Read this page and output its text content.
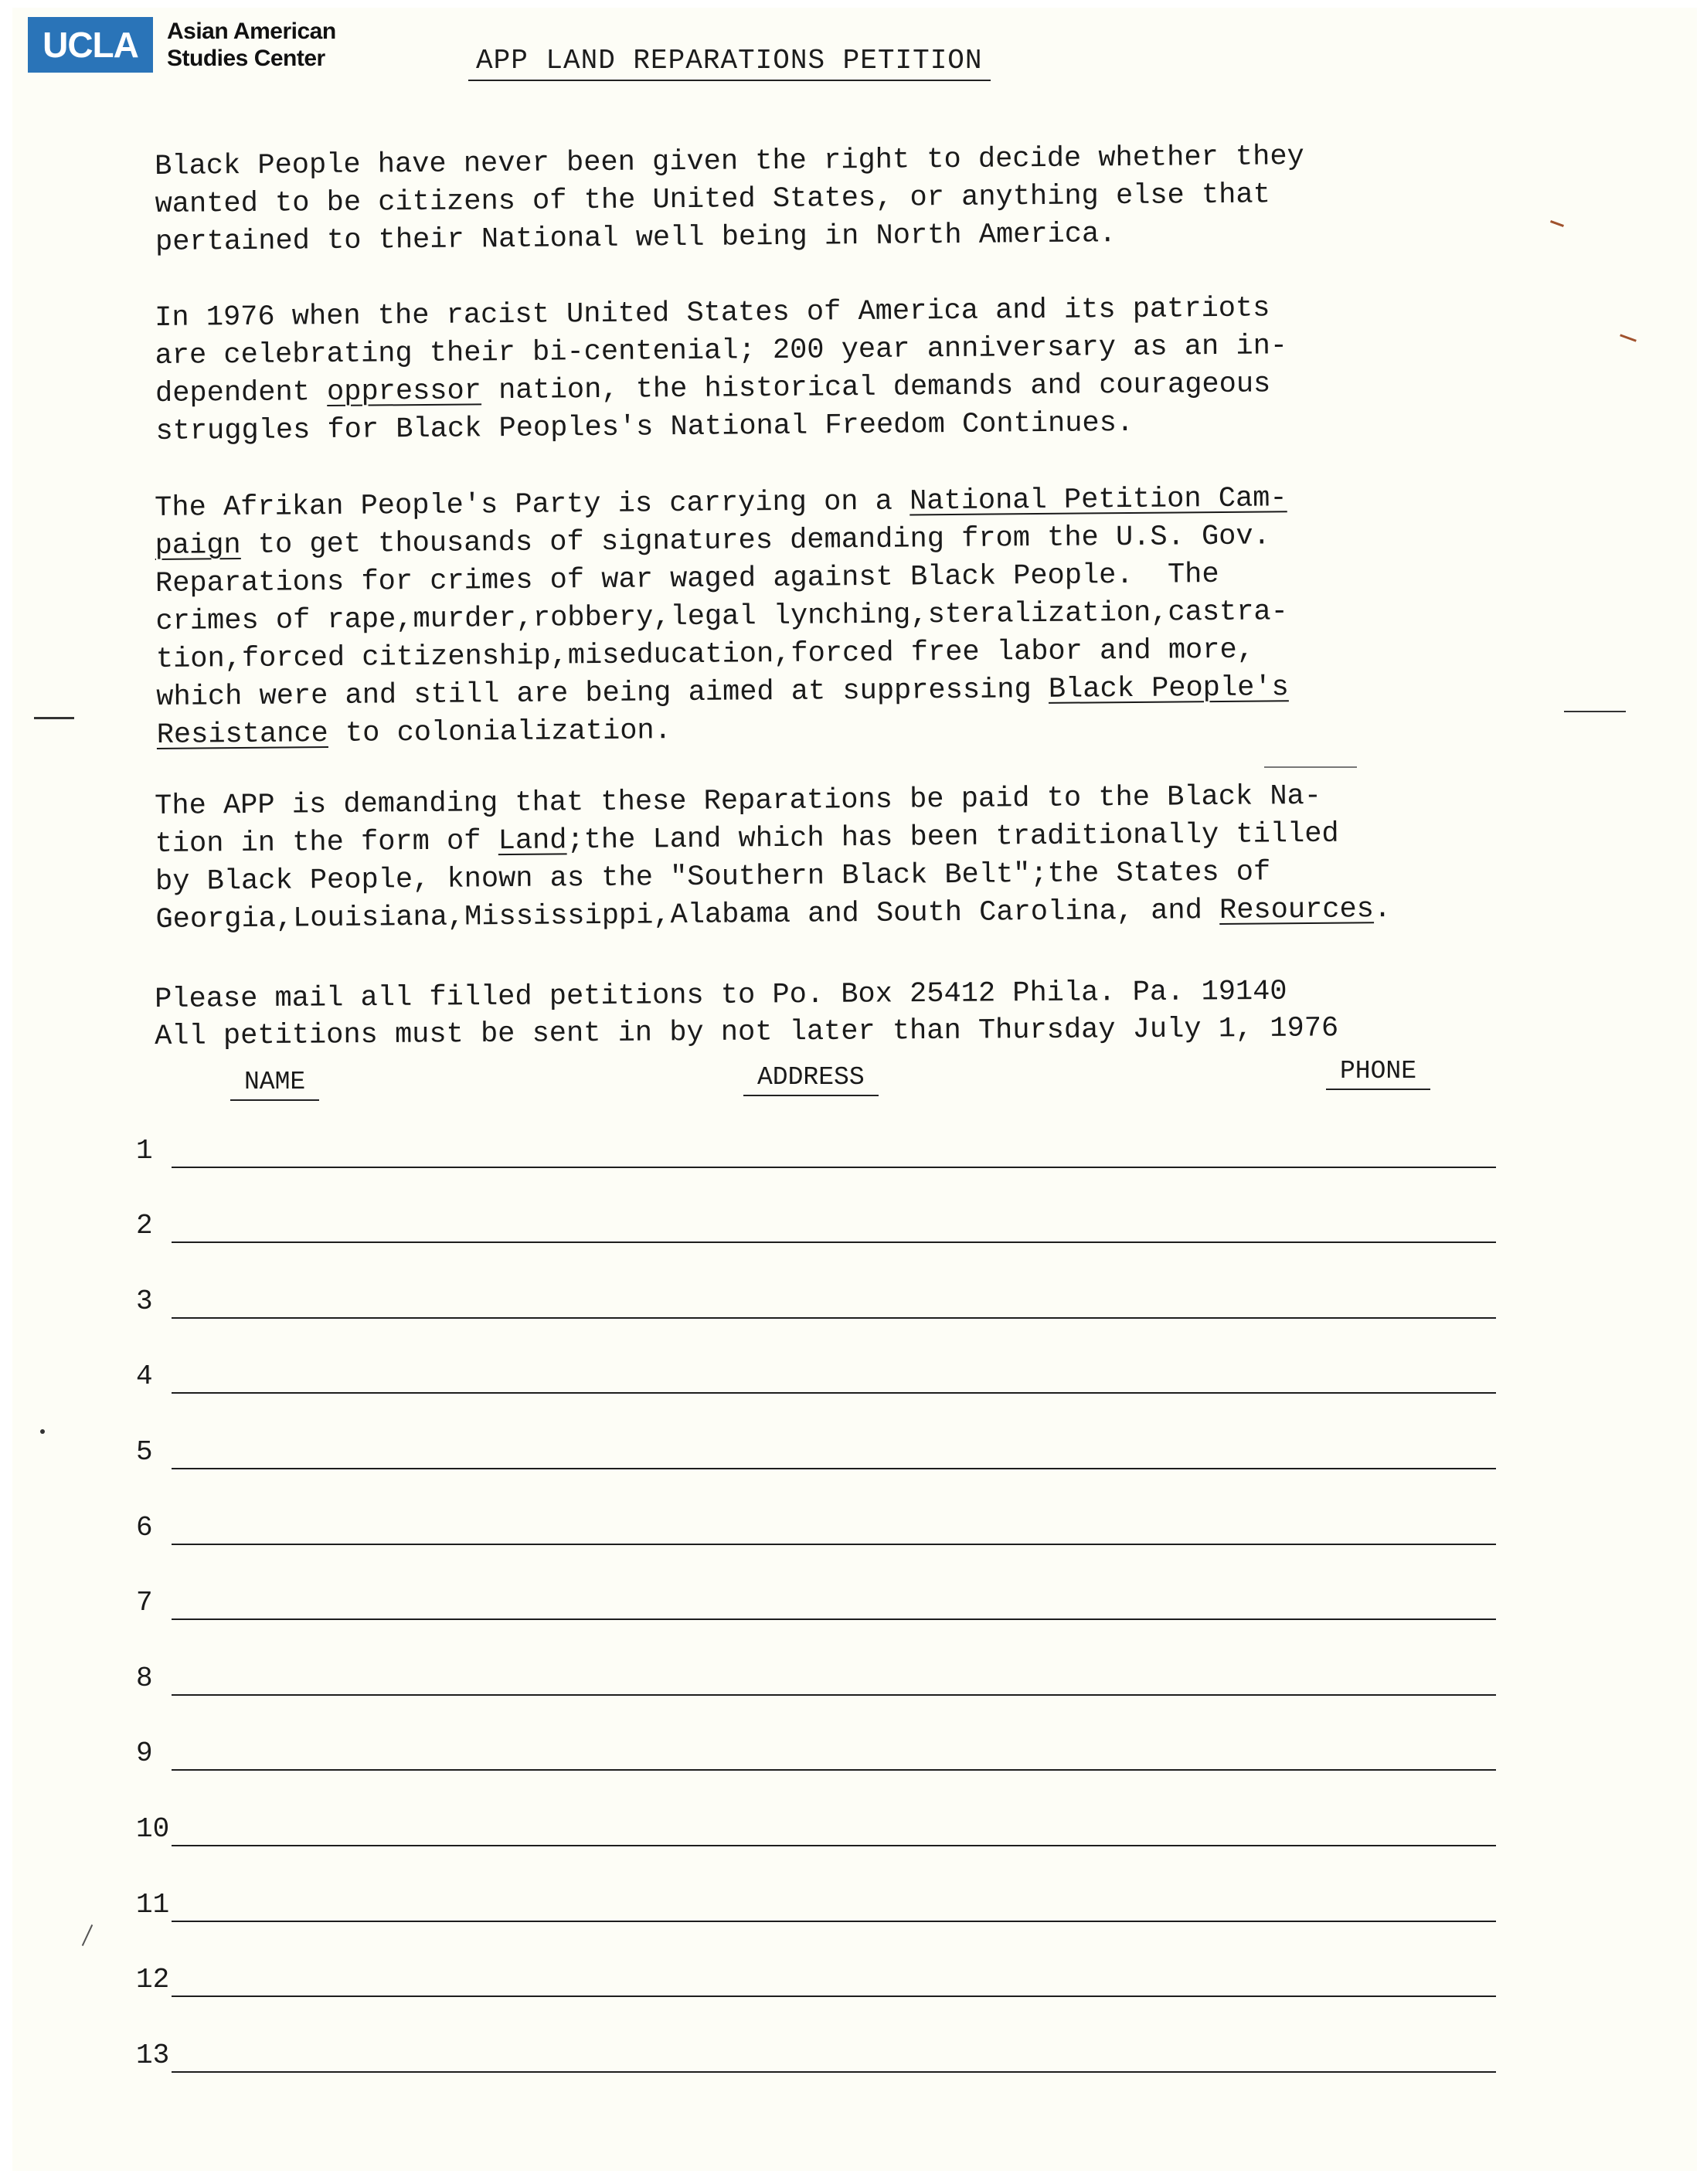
UCLA	Asian American
Studies Center	APP LAND REPARATIONS PETITION
Black People have never been given the right to decide whether they
wanted to be citizens of the United States, or anything else that
pertained to their National well being in North America.
In 1976 when the racist United States of America and its patriots
are celebrating their bi-centenial; 200 year anniversary as an in-
dependent oppressor nation, the historical demands and courageous
struggles for Black Peoples's National Freedom Continues.
The Afrikan People's Party is carrying on a National Petition Cam-
paign to get thousands of signatures demanding from the U.S. Gov.
Reparations for crimes of war waged against Black People.  The
crimes of rape,murder,robbery,legal lynching,steralization,castra-
tion,forced citizenship,miseducation,forced free labor and more,
which were and still are being aimed at suppressing Black People's
Resistance to colonialization.
The APP is demanding that these Reparations be paid to the Black Na-
tion in the form of Land;the Land which has been traditionally tilled
by Black People, known as the "Southern Black Belt";the States of
Georgia,Louisiana,Mississippi,Alabama and South Carolina, and Resources.
Please mail all filled petitions to Po. Box 25412 Phila. Pa. 19140
All petitions must be sent in by not later than Thursday July 1, 1976
NAME	ADDRESS	PHONE
1
2
3
4
5
6
7
8
9
10
11
12
13
